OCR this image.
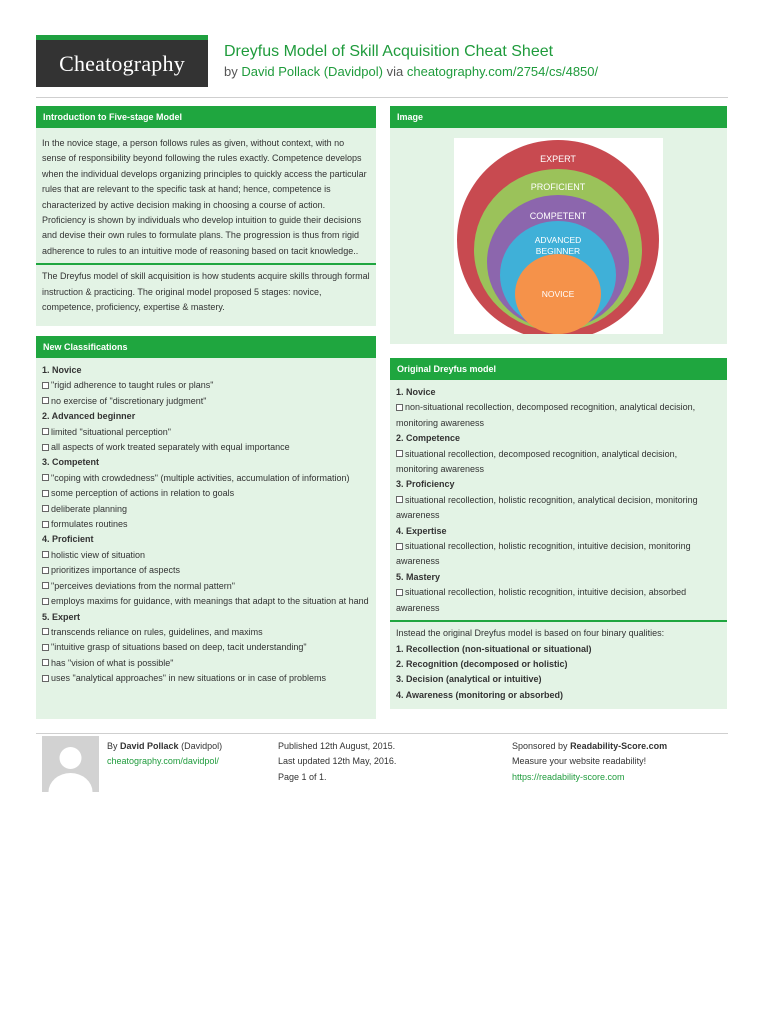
Cheatography Dreyfus Model of Skill Acquisition Cheat Sheet
by David Pollack (Davidpol) via cheatography.com/2754/cs/4850/
Introduction to Five-stage Model
In the novice stage, a person follows rules as given, without context, with no sense of responsibility beyond following the rules exactly. Competence develops when the individual develops organizing principles to quickly access the particular rules that are relevant to the specific task at hand; hence, competence is characterized by active decision making in choosing a course of action. Proficiency is shown by individuals who develop intuition to guide their decisions and devise their own rules to formulate plans. The progression is thus from rigid adherence to rules to an intuitive mode of reasoning based on tacit knowledge..
The Dreyfus model of skill acquisition is how students acquire skills through formal instruction & practicing. The original model proposed 5 stages: novice, competence, proficiency, expertise & mastery.
Image
EXPERT
PROFICIENT
COMPETENT
ADVANCED
BEGINNER
NOVICE
New Classifications
1. Novice
"rigid adherence to taught rules or plans"
no exercise of "discretionary judgment"
2. Advanced beginner
limited "situational perception"
all aspects of work treated separately with equal importance
3. Competent
"coping with crowdedness" (multiple activities, accumulation of information)
some perception of actions in relation to goals
deliberate planning
formulates routines
4. Proficient
holistic view of situation
prioritizes importance of aspects
"perceives deviations from the normal pattern"
employs maxims for guidance, with meanings that adapt to the situation at hand
5. Expert
transcends reliance on rules, guidelines, and maxims
"intuitive grasp of situations based on deep, tacit understanding"
has "vision of what is possible"
uses "analytical approaches" in new situations or in case of problems
Original Dreyfus model
1. Novice
non-situational recollection, decomposed recognition, analytical decision, monitoring awareness
2. Competence
situational recollection, decomposed recognition, analytical decision, monitoring awareness
3. Proficiency
situational recollection, holistic recognition, analytical decision, monitoring awareness
4. Expertise
situational recollection, holistic recognition, intuitive decision, monitoring awareness
5. Mastery
situational recollection, holistic recognition, intuitive decision, absorbed awareness
Instead the original Dreyfus model is based on four binary qualities:
1. Recollection (non-situational or situational)
2. Recognition (decomposed or holistic)
3. Decision (analytical or intuitive)
4. Awareness (monitoring or absorbed)
By David Pollack (Davidpol)
cheatography.com/davidpol/
Published 12th August, 2015.
Last updated 12th May, 2016.
Page 1 of 1.
Sponsored by Readability-Score.com
Measure your website readability!
https://readability-score.com
